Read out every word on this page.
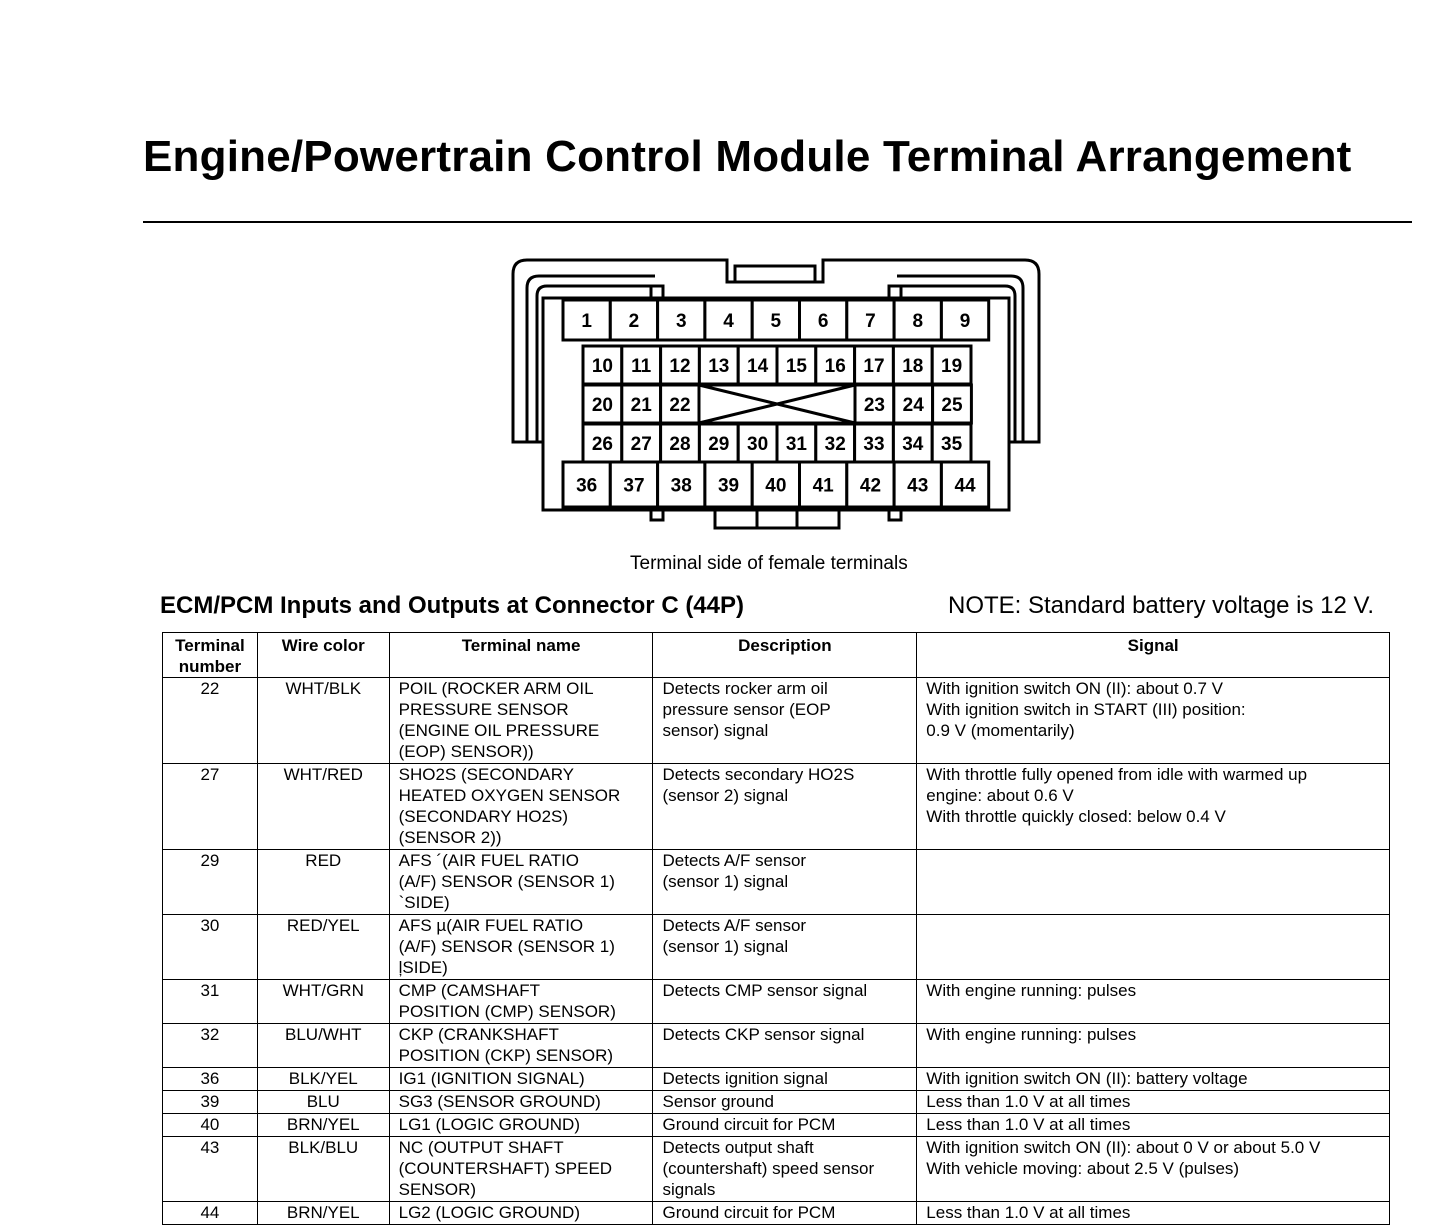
Engine/Powertrain Control Module Terminal Arrangement
1 2 3 4 5 6 7 8 9
10 11 12 13 14 15 16 17 18 19
20 21 22	23 24 25
26 27 28 29 30 31 32 33 34 35
36 37 38 39 40 41 42 43 44
Terminal side of female terminals
ECM/PCM Inputs and Outputs at Connector C (44P)	NOTE: Standard battery voltage is 12 V.
Terminal
number	Wire color	Terminal name	Description	Signal
22	WHT/BLK	POIL (ROCKER ARM OIL
PRESSURE SENSOR
(ENGINE OIL PRESSURE
(EOP) SENSOR))	Detects rocker arm oil
pressure sensor (EOP
sensor) signal	With ignition switch ON (II): about 0.7 V
With ignition switch in START (III) position:
0.9 V (momentarily)

27	WHT/RED	SHO2S (SECONDARY
HEATED OXYGEN SENSOR
(SECONDARY HO2S)
(SENSOR 2))	Detects secondary HO2S
(sensor 2) signal	With throttle fully opened from idle with warmed up
engine: about 0.6 V
With throttle quickly closed: below 0.4 V

29	RED	AFS ´(AIR FUEL RATIO
(A/F) SENSOR (SENSOR 1)
`SIDE)	Detects A/F sensor
(sensor 1) signal	

30	RED/YEL	AFS µ(AIR FUEL RATIO
(A/F) SENSOR (SENSOR 1)
ļSIDE)	Detects A/F sensor
(sensor 1) signal	

31	WHT/GRN	CMP (CAMSHAFT
POSITION (CMP) SENSOR)	Detects CMP sensor signal	With engine running: pulses

32	BLU/WHT	CKP (CRANKSHAFT
POSITION (CKP) SENSOR)	Detects CKP sensor signal	With engine running: pulses

36	BLK/YEL	IG1 (IGNITION SIGNAL)	Detects ignition signal	With ignition switch ON (II): battery voltage

39	BLU	SG3 (SENSOR GROUND)	Sensor ground	Less than 1.0 V at all times

40	BRN/YEL	LG1 (LOGIC GROUND)	Ground circuit for PCM	Less than 1.0 V at all times

43	BLK/BLU	NC (OUTPUT SHAFT
(COUNTERSHAFT) SPEED
SENSOR)	Detects output shaft
(countershaft) speed sensor
signals	With ignition switch ON (II): about 0 V or about 5.0 V
With vehicle moving: about 2.5 V (pulses)

44	BRN/YEL	LG2 (LOGIC GROUND)	Ground circuit for PCM	Less than 1.0 V at all times
